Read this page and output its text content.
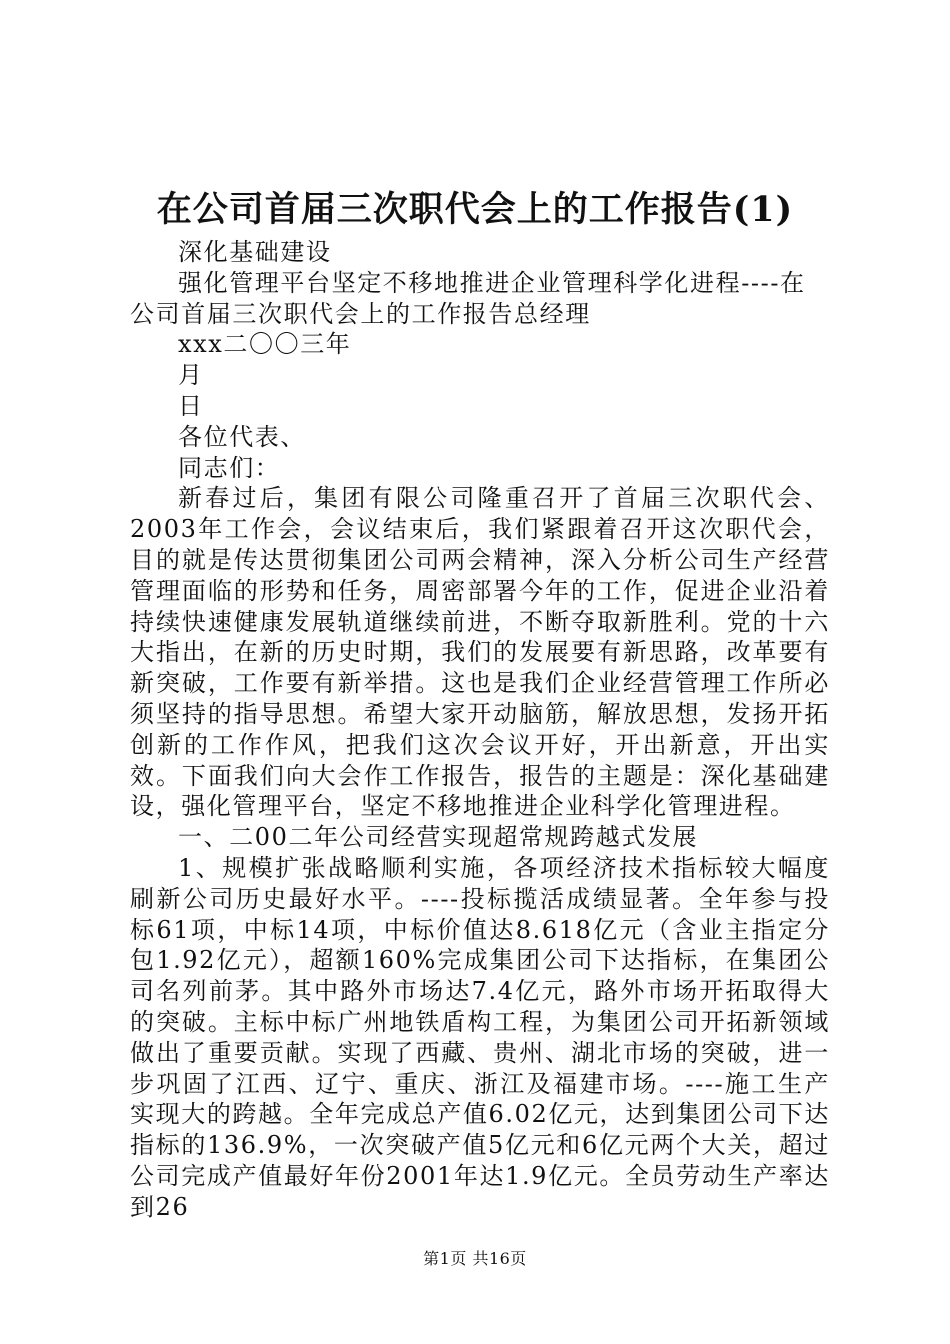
在公司首届三次职代会上的工作报告(1)

深化基础建设

强化管理平台坚定不移地推进企业管理科学化进程----在公司首届三次职代会上的工作报告总经理

xxx二〇〇三年

月

日

各位代表、

同志们：

新春过后，集团有限公司隆重召开了首届三次职代会、2003年工作会，会议结束后，我们紧跟着召开这次职代会，目的就是传达贯彻集团公司两会精神，深入分析公司生产经营管理面临的形势和任务，周密部署今年的工作，促进企业沿着持续快速健康发展轨道继续前进，不断夺取新胜利。党的十六大指出，在新的历史时期，我们的发展要有新思路，改革要有新突破，工作要有新举措。这也是我们企业经营管理工作所必须坚持的指导思想。希望大家开动脑筋，解放思想，发扬开拓创新的工作作风，把我们这次会议开好，开出新意，开出实效。下面我们向大会作工作报告，报告的主题是：深化基础建设，强化管理平台，坚定不移地推进企业科学化管理进程。

一、二00二年公司经营实现超常规跨越式发展

1、规模扩张战略顺利实施，各项经济技术指标较大幅度刷新公司历史最好水平。----投标揽活成绩显著。全年参与投标61项，中标14项，中标价值达8.618亿元（含业主指定分包1.92亿元），超额160%完成集团公司下达指标，在集团公司名列前茅。其中路外市场达7.4亿元，路外市场开拓取得大的突破。主标中标广州地铁盾构工程，为集团公司开拓新领域做出了重要贡献。实现了西藏、贵州、湖北市场的突破，进一步巩固了江西、辽宁、重庆、浙江及福建市场。----施工生产实现大的跨越。全年完成总产值6.02亿元，达到集团公司下达指标的136.9%，一次突破产值5亿元和6亿元两个大关，超过公司完成产值最好年份2001年达1.9亿元。全员劳动生产率达到26

第1页 共16页
